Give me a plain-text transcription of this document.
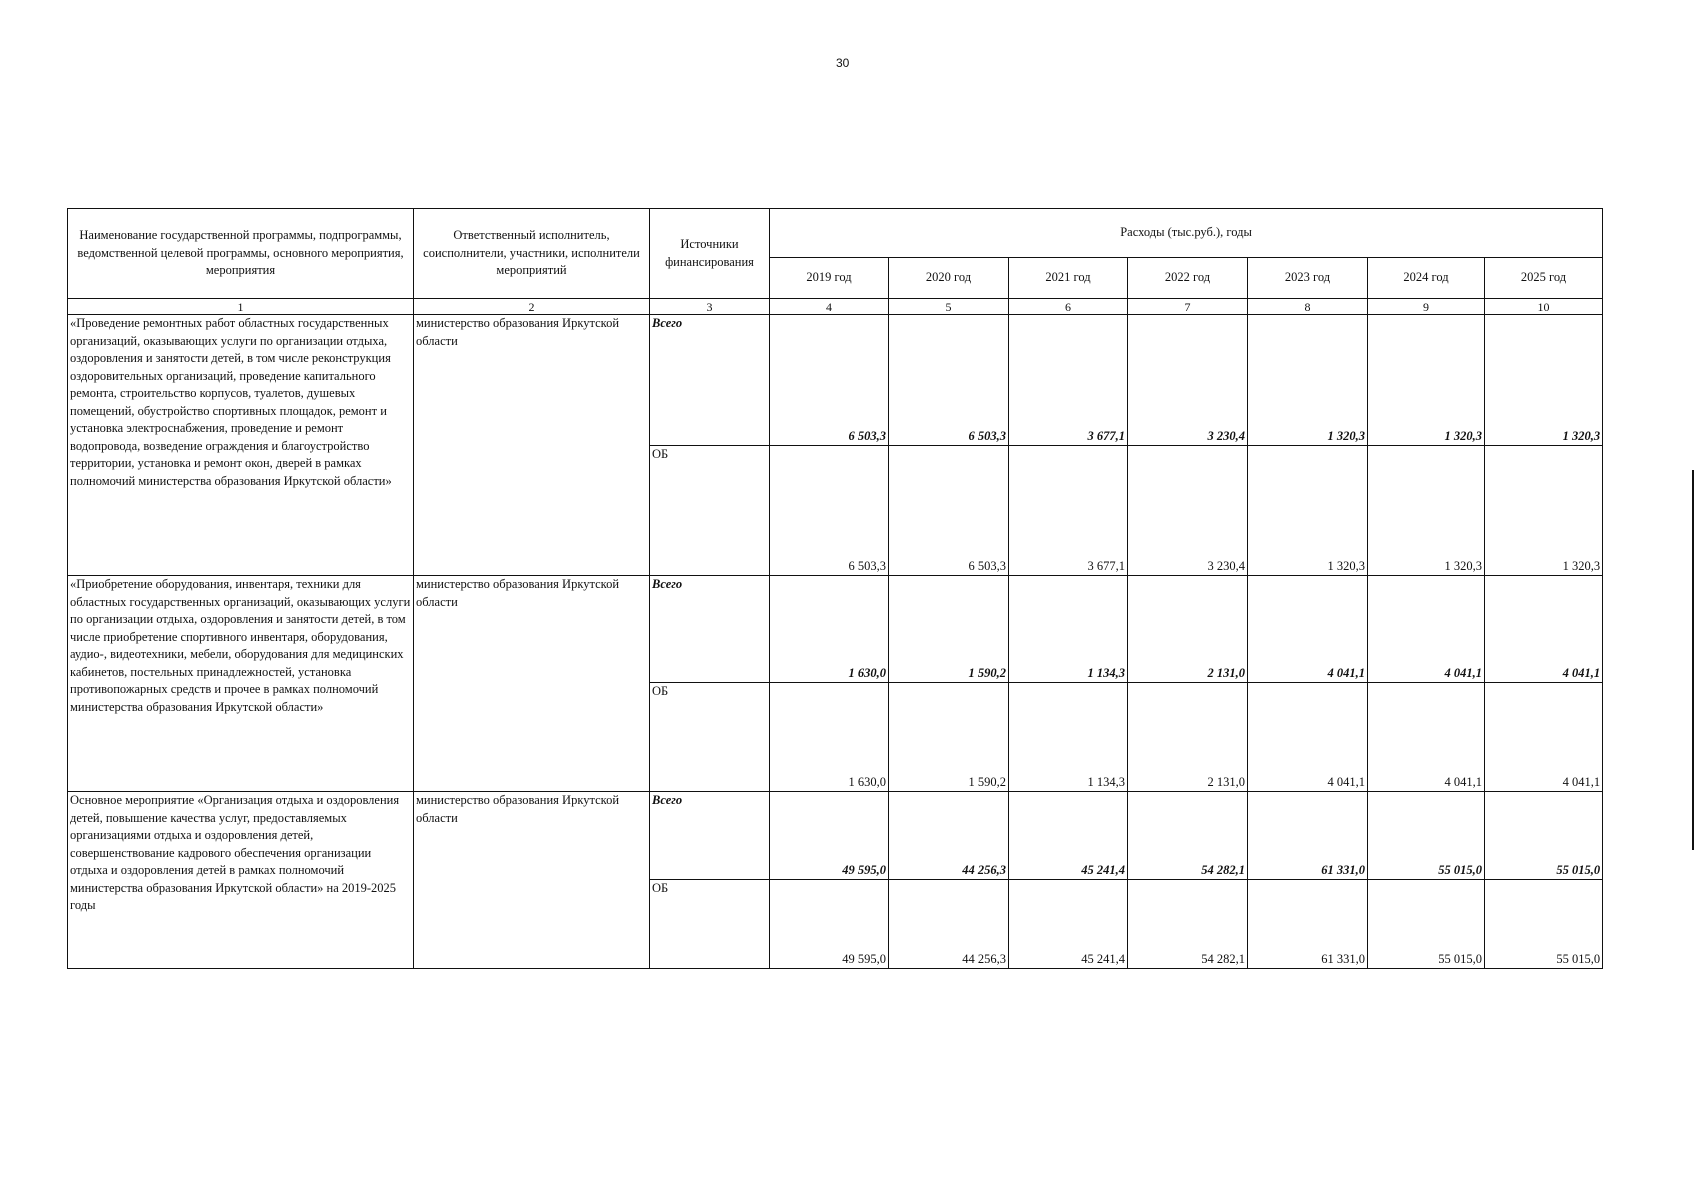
30
Наименование государственной программы, подпрограммы, ведомственной целевой программы, основного мероприятия, мероприятия	Ответственный исполнитель, соисполнители, участники, исполнители мероприятий	Источники финансирования	Расходы (тыс.руб.), годы						
			2019 год	2020 год	2021 год	2022 год	2023 год	2024 год	2025 год
1	2	3	4	5	6	7	8	9	10
«Проведение ремонтных работ областных государственных организаций, оказывающих услуги по организации отдыха, оздоровления и занятости детей, в том числе реконструкция оздоровительных организаций, проведение капитального ремонта, строительство корпусов, туалетов, душевых помещений, обустройство спортивных площадок, ремонт и установка электроснабжения, проведение и ремонт водопровода, возведение ограждения и благоустройство территории, установка и ремонт окон, дверей в рамках полномочий министерства образования Иркутской области»	министерство образования Иркутской области	Всего	6 503,3	6 503,3	3 677,1	3 230,4	1 320,3	1 320,3	1 320,3
		ОБ	6 503,3	6 503,3	3 677,1	3 230,4	1 320,3	1 320,3	1 320,3
«Приобретение оборудования, инвентаря, техники для областных государственных организаций, оказывающих услуги по организации отдыха, оздоровления и занятости детей, в том числе приобретение спортивного инвентаря, оборудования, аудио-, видеотехники, мебели, оборудования для медицинских кабинетов, постельных принадлежностей, установка противопожарных средств и прочее в рамках полномочий министерства образования Иркутской области»	министерство образования Иркутской области	Всего	1 630,0	1 590,2	1 134,3	2 131,0	4 041,1	4 041,1	4 041,1
		ОБ	1 630,0	1 590,2	1 134,3	2 131,0	4 041,1	4 041,1	4 041,1
Основное мероприятие «Организация отдыха и оздоровления детей, повышение качества услуг, предоставляемых организациями отдыха и оздоровления детей, совершенствование кадрового обеспечения организации отдыха и оздоровления детей в рамках полномочий министерства образования Иркутской области» на 2019-2025 годы	министерство образования Иркутской области	Всего	49 595,0	44 256,3	45 241,4	54 282,1	61 331,0	55 015,0	55 015,0
		ОБ	49 595,0	44 256,3	45 241,4	54 282,1	61 331,0	55 015,0	55 015,0
